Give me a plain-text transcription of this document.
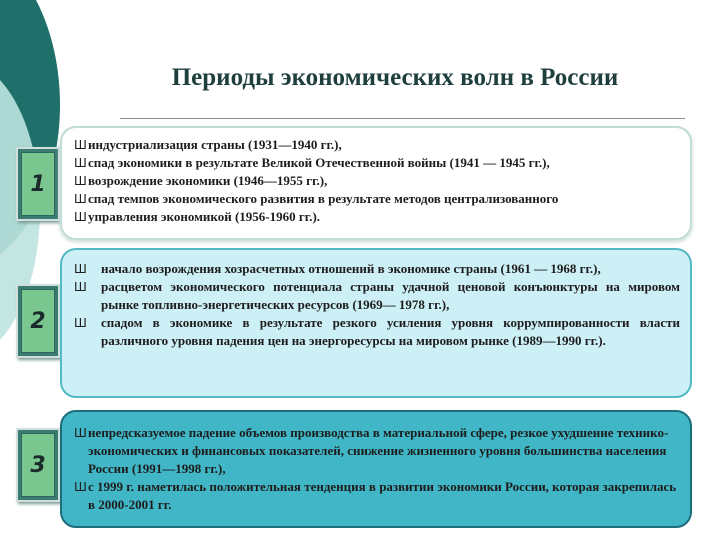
Периоды экономических волн в России
1
Ш индустриализация страны (1931—1940 гг.),
Ш спад экономики в результате Великой Отечественной войны (1941 — 1945 гг.),
Ш возрождение экономики (1946—1955 гг.),
Ш спад темпов экономического развития в результате методов централизованного
Ш управления экономикой (1956-1960 гг.).
2
Ш	начало возрождения хозрасчетных отношений в экономике страны (1961 — 1968 гг.),
Ш	расцветом экономического потенциала страны удачной ценовой конъюнктуры на мировом рынке топливно-энергетических ресурсов (1969— 1978 гг.),
Ш	спадом в экономике в результате резкого усиления уровня коррумпированности власти различного уровня падения цен на энергоресурсы на мировом рынке (1989—1990 гг.).
3
Ш непредсказуемое падение объемов производства в материальной сфере, резкое ухудшение технико-экономических и финансовых показателей, снижение жизненного уровня большинства населения России (1991—1998 гг.),
Ш с 1999 г. наметилась положительная тенденция в развитии экономики России, которая закрепилась в 2000-2001 гг.
